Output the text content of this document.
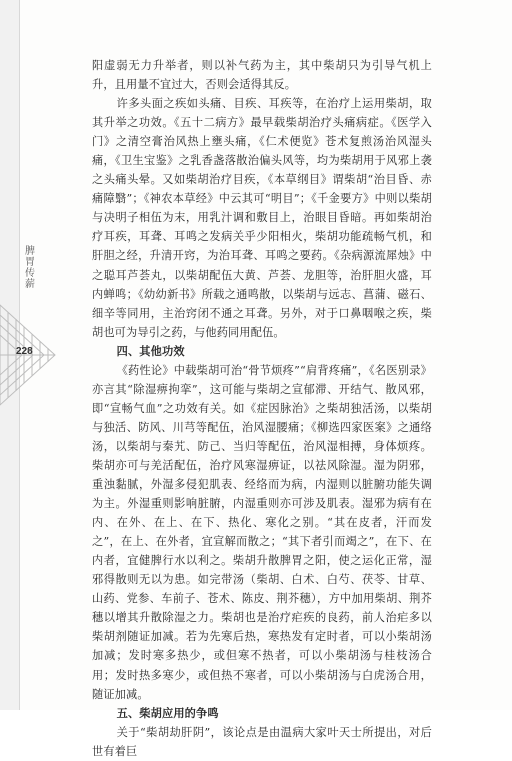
脾胃传薪
228

阳虚弱无力升举者，则以补气药为主，其中柴胡只为引导气机上升，且用量不宜过大，否则会适得其反。

许多头面之疾如头痛、目疾、耳疾等，在治疗上运用柴胡，取其升举之功效。《五十二病方》最早载柴胡治疗头痛病症。《医学入门》之清空膏治风热上壅头痛，《仁术便览》苍术复煎汤治风湿头痛，《卫生宝鉴》之乳香盏落散治偏头风等，均为柴胡用于风邪上袭之头痛头晕。又如柴胡治疗目疾，《本草纲目》谓柴胡“治目昏、赤痛障翳”；《神农本草经》中云其可“明目”；《千金要方》中则以柴胡与决明子相伍为末，用乳汁调和敷目上，治眼目昏暗。再如柴胡治疗耳疾，耳聋、耳鸣之发病关乎少阳相火，柴胡功能疏畅气机，和肝胆之经，升清开窍，为治耳聋、耳鸣之要药。《杂病源流犀烛》中之聪耳芦荟丸，以柴胡配伍大黄、芦荟、龙胆等，治肝胆火盛，耳内蝉鸣；《幼幼新书》所载之通鸣散，以柴胡与远志、菖蒲、磁石、细辛等同用，主治窍闭不通之耳聋。另外，对于口鼻咽喉之疾，柴胡也可为导引之药，与他药同用配伍。

四、其他功效

《药性论》中载柴胡可治“骨节烦疼”“肩背疼痛”，《名医别录》亦言其“除湿痹拘挛”，这可能与柴胡之宣郁滞、开结气、散风邪，即“宣畅气血”之功效有关。如《症因脉治》之柴胡独活汤，以柴胡与独活、防风、川芎等配伍，治风湿腰痛；《柳选四家医案》之通络汤，以柴胡与秦艽、防己、当归等配伍，治风湿相搏，身体烦疼。柴胡亦可与羌活配伍，治疗风寒湿痹证，以祛风除湿。湿为阴邪，重浊黏腻，外湿多侵犯肌表、经络而为病，内湿则以脏腑功能失调为主。外湿重则影响脏腑，内湿重则亦可涉及肌表。湿邪为病有在内、在外、在上、在下、热化、寒化之别。“其在皮者，汗而发之”，在上、在外者，宜宣解而散之；“其下者引而竭之”，在下、在内者，宜健脾行水以利之。柴胡升散脾胃之阳，使之运化正常，湿邪得散则无以为患。如完带汤（柴胡、白术、白芍、茯苓、甘草、山药、党参、车前子、苍术、陈皮、荆芥穗），方中加用柴胡、荆芥穗以增其升散除湿之力。柴胡也是治疗疟疾的良药，前人治疟多以柴胡剂随证加减。若为先寒后热，寒热发有定时者，可以小柴胡汤加减；发时寒多热少，或但寒不热者，可以小柴胡汤与桂枝汤合用；发时热多寒少，或但热不寒者，可以小柴胡汤与白虎汤合用，随证加减。

五、柴胡应用的争鸣

关于“柴胡劫肝阴”，该论点是由温病大家叶天士所提出，对后世有着巨
